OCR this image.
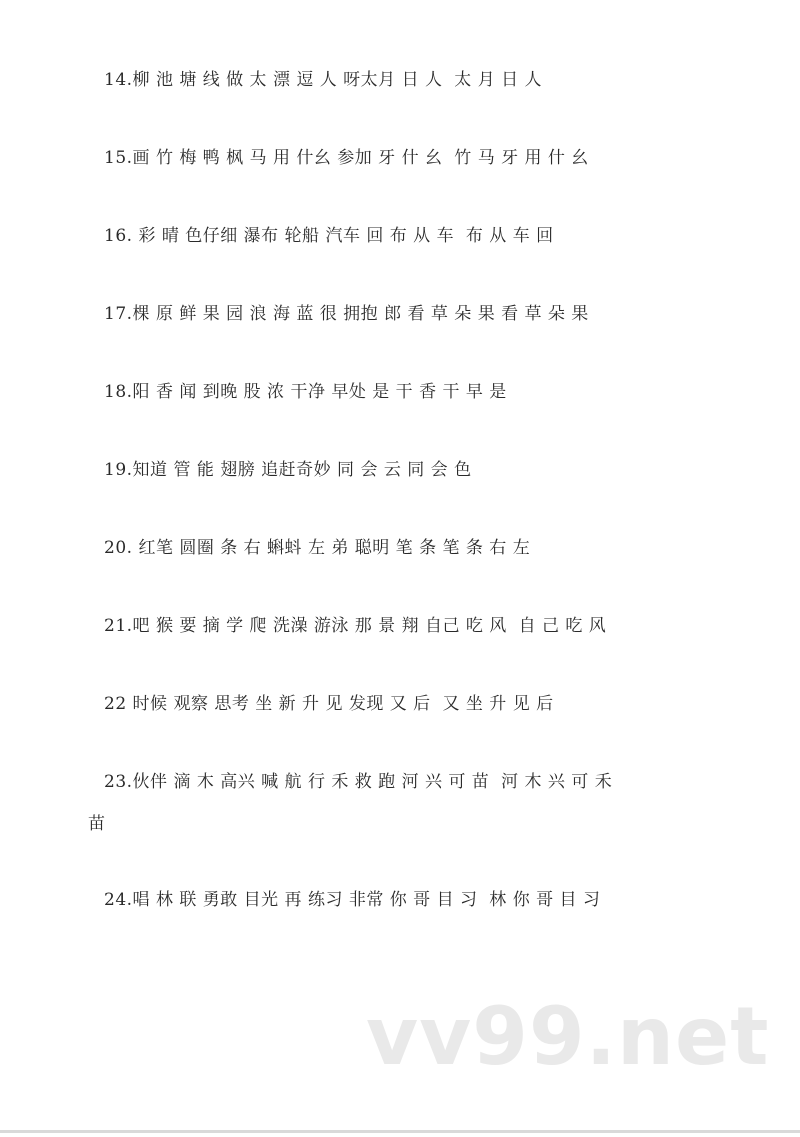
14.柳 池 塘 线 做 太 漂 逗 人 呀太月 日 人  太 月 日 人

15.画 竹 梅 鸭 枫 马 用 什幺 参加 牙 什 幺  竹 马 牙 用 什 幺

16. 彩 晴 色仔细 瀑布 轮船 汽车 回 布 从 车  布 从 车 回

17.棵 原 鲜 果 园 浪 海 蓝 很 拥抱 郎 看 草 朵 果 看 草 朵 果

18.阳 香 闻 到晚 股 浓 干净 早处 是 干 香 干 早 是

19.知道 管 能 翅膀 追赶奇妙 同 会 云 同 会 色

20. 红笔 圆圈 条 右 蝌蚪 左 弟 聪明 笔 条 笔 条 右 左

21.吧 猴 要 摘 学 爬 洗澡 游泳 那 景 翔 自己 吃 风  自 己 吃 风

22 时候 观察 思考 坐 新 升 见 发现 又 后  又 坐 升 见 后

23.伙伴 滴 木 高兴 喊 航 行 禾 救 跑 河 兴 可 苗  河 木 兴 可 禾

苗

24.唱 林 联 勇敢 目光 再 练习 非常 你 哥 目 习  林 你 哥 目 习

vv99.net
